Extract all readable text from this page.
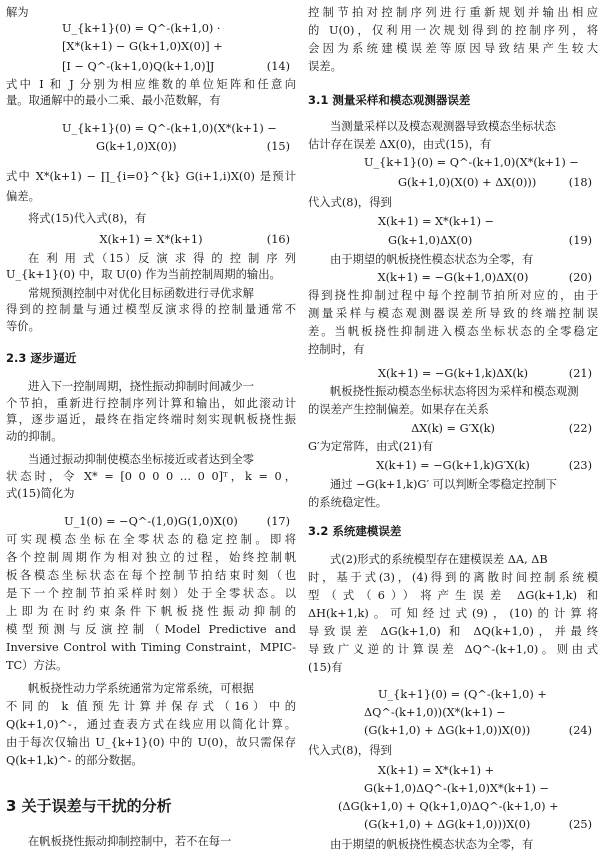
解为
U_{k+1}(0) = Q^-(k+1,0) ·
[X*(k+1) − G(k+1,0)X(0)] +
[I − Q^-(k+1,0)Q(k+1,0)]J	(14)
式中 I 和 J 分别为相应维数的单位矩阵和任意向
量。取通解中的最小二乘、最小范数解，有
U_{k+1}(0) = Q^-(k+1,0)(X*(k+1) −
G(k+1,0)X(0))	(15)
式中 X*(k+1) − ∏_{i=0}^{k} G(i+1,i)X(0) 是预计
偏差。
将式(15)代入式(8)，有
X(k+1) = X*(k+1)	(16)
在 利 用 式（15）反 演 求 得 的 控 制 序 列
U_{k+1}(0) 中，取 U(0) 作为当前控制周期的输出。
常规预测控制中对优化目标函数进行寻优求解
得到的控制量与通过模型反演求得的控制量通常不
等价。
进入下一控制周期，挠性振动抑制时间减少一
个节拍，重新进行控制序列计算和输出，如此滚动计
算，逐步逼近，最终在指定终端时刻实现帆板挠性振
动的抑制。
当通过振动抑制使模态坐标接近或者达到全零
状态时，令 X* = [0 0 0 0 … 0 0]ᵀ，k = 0，
式(15)简化为
U_1(0) = −Q^-(1,0)G(1,0)X(0)	(17)
可实现模态坐标在全零状态的稳定控制。即将
各个控制周期作为相对独立的过程，始终控制帆
板各模态坐标状态在每个控制节拍结束时刻（也
是下一个控制节拍采样时刻）处于全零状态。以
上即为在时约束条件下帆板挠性振动抑制的
模型预测与反演控制（Model Predictive and
Inversive Control with Timing Constraint，MPIC-
TC）方法。
帆板挠性动力学系统通常为定常系统，可根据
不同的 k 值预先计算并保存式（16）中的
Q(k+1,0)^-，通过查表方式在线应用以简化计算。
由于每次仅输出 U_{k+1}(0) 中的 U(0)，故只需保存
Q(k+1,k)^- 的部分数据。
在帆板挠性振动抑制控制中，若不在每一
2.3 逐步逼近
3 关于误差与干扰的分析
控制节拍对控制序列进行重新规划并输出相应
的 U(0)，仅利用一次规划得到的控制序列，将
会因为系统建模误差等原因导致结果产生较大
误差。
当测量采样以及模态观测器导致模态坐标状态
估计存在误差 ΔX(0)，由式(15)，有
U_{k+1}(0) = Q^-(k+1,0)(X*(k+1) −
G(k+1,0)(X(0) + ΔX(0)))	(18)
代入式(8)，得到
X(k+1) = X*(k+1) −
G(k+1,0)ΔX(0)	(19)
由于期望的帆板挠性模态状态为全零，有
X(k+1) = −G(k+1,0)ΔX(0)	(20)
得到挠性抑制过程中每个控制节拍所对应的，由于
测量采样与模态观测器误差所导致的终端控制误
差。当帆板挠性抑制进入模态坐标状态的全零稳定
控制时，有
X(k+1) = −G(k+1,k)ΔX(k)	(21)
帆板挠性振动模态坐标状态将因为采样和模态观测
的误差产生控制偏差。如果存在关系
ΔX(k) = G′X(k)	(22)
G′为定常阵，由式(21)有
X(k+1) = −G(k+1,k)G′X(k)	(23)
通过 −G(k+1,k)G′ 可以判断全零稳定控制下
的系统稳定性。
式(2)形式的系统模型存在建模误差 ΔA, ΔB
时，基于式(3)，(4)得到的离散时间控制系统模
型（式（6））将产生误差 ΔG(k+1,k) 和
ΔH(k+1,k)。可知经过式(9)，(10)的计算将
导致误差 ΔG(k+1,0) 和 ΔQ(k+1,0)，并最终
导致广义逆的计算误差 ΔQ^-(k+1,0)。则由式
(15)有
U_{k+1}(0) = (Q^-(k+1,0) +
ΔQ^-(k+1,0))(X*(k+1) −
(G(k+1,0) + ΔG(k+1,0))X(0))	(24)
代入式(8)，得到
X(k+1) = X*(k+1) +
G(k+1,0)ΔQ^-(k+1,0)X*(k+1) −
(ΔG(k+1,0) + Q(k+1,0)ΔQ^-(k+1,0) +
(G(k+1,0) + ΔG(k+1,0)))X(0)	(25)
由于期望的帆板挠性模态状态为全零，有
3.1 测量采样和模态观测器误差
3.2 系统建模误差
